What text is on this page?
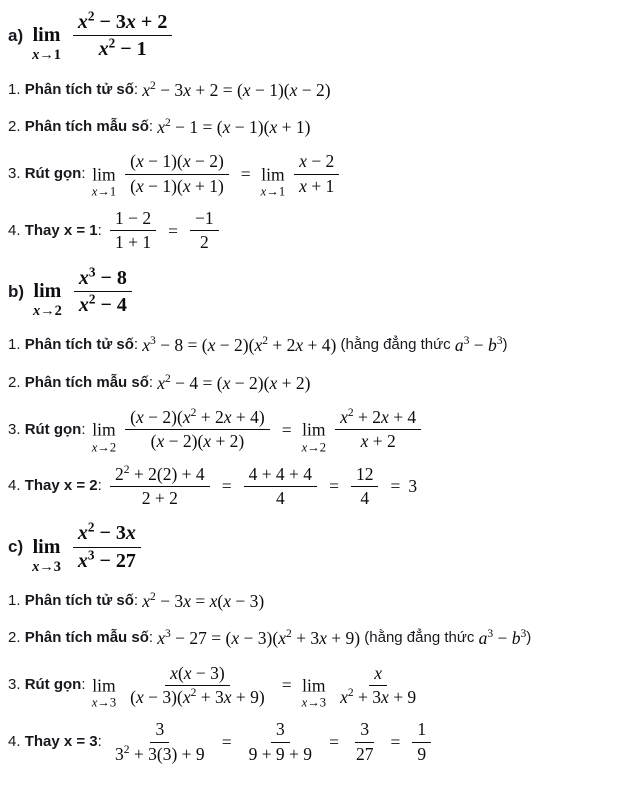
a) lim
$x\to 1 \frac{x^2 - 3x + 2}{x^2 - 1}$
1. Phân tích tử số : $x^2 - 3x + 2 = (x - 1)(x - 2)$
2. Phân tích mẫu số : $x^2 - 1 = (x - 1)(x + 1)$
3. Rút gọn : lim
$x\to 1 \frac{(x - 1)(x - 2)}{(x - 1)(x + 1)} = \lim$
$x\to 1 \frac{x - 2}{x + 1}$
4. Thay x = 1 : $\frac{1 - 2}{1 + 1} = \frac{-1}{2}$
b) lim
$x\to 2 \frac{x^3 - 8}{x^2 - 4}$
1. Phân tích tử số : $x^3 - 8 = (x - 2)(x^2 + 2x + 4)$ (hằng đẳng thức $a^3 - b^3$ )
2. Phân tích mẫu số : $x^2 - 4 = (x - 2)(x + 2)$
3. Rút gọn : lim
$x\to 2 \frac{(x - 2)(x^2 + 2x + 4)}{(x - 2)(x + 2)} = \lim$
$x\to 2 \frac{x^2 + 2x + 4}{x + 2}$
4. Thay x = 2 : $\frac{2^2 + 2(2) + 4}{2 + 2} = \frac{4 + 4 + 4}{4} = \frac{12}{4} = 3$
c) lim
$x\to 3 \frac{x^2 - 3x}{x^3 - 27}$
1. Phân tích tử số : $x^2 - 3x = x(x - 3)$
2. Phân tích mẫu số : $x^3 - 27 = (x - 3)(x^2 + 3x + 9)$ (hằng đẳng thức $a^3 - b^3$ )
3. Rút gọn : lim
$x\to 3 \frac{x(x - 3)}{(x - 3)(x^2 + 3x + 9)} = \lim$
$x\to 3 \frac{x}{x^2 + 3x + 9}$
4. Thay x = 3 : $\frac{3}{3^2 + 3(3) + 9} = \frac{3}{9 + 9 + 9} = \frac{3}{27} = \frac{1}{9}$
